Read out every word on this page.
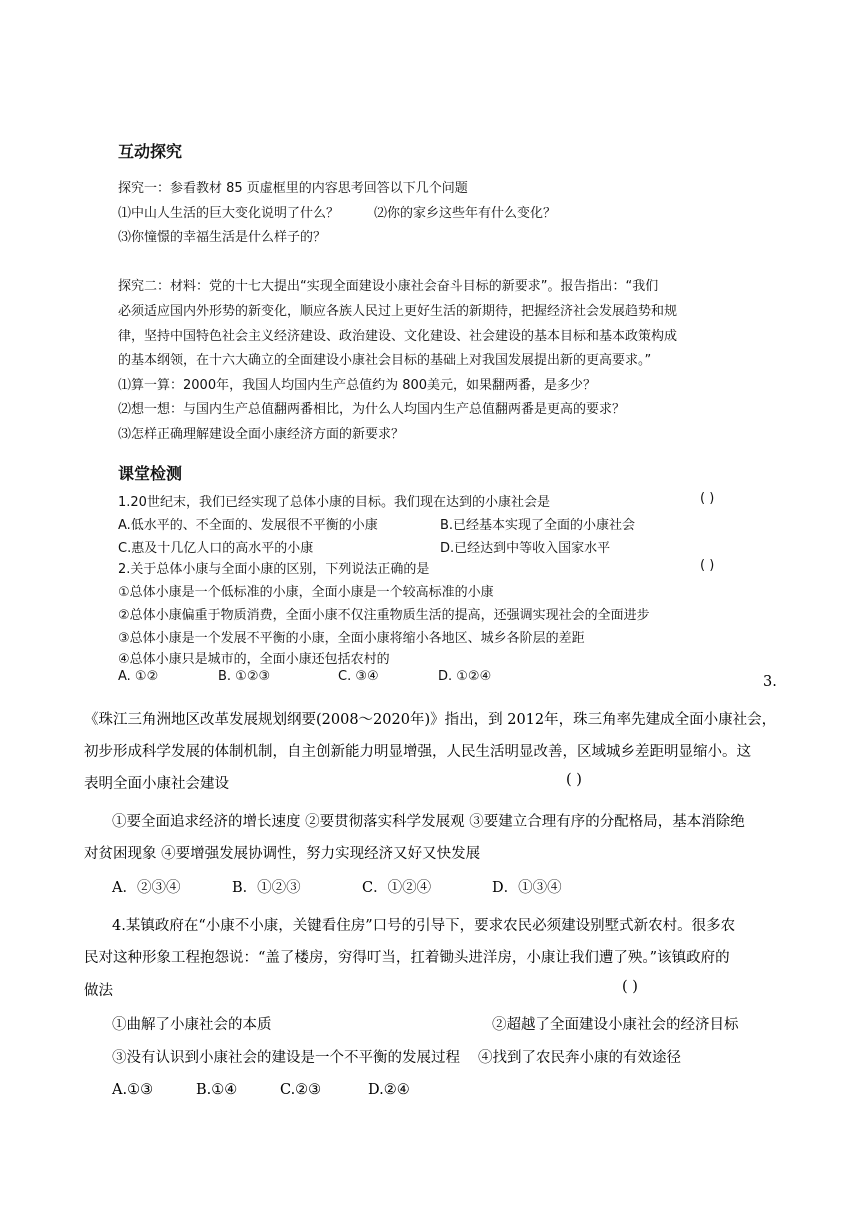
互动探究
探究一：参看教材 85 页虚框里的内容思考回答以下几个问题
⑴中山人生活的巨大变化说明了什么？	⑵你的家乡这些年有什么变化？
⑶你憧憬的幸福生活是什么样子的？
探究二：材料：党的十七大提出“实现全面建设小康社会奋斗目标的新要求”。报告指出：“我们
必须适应国内外形势的新变化，顺应各族人民过上更好生活的新期待，把握经济社会发展趋势和规
律，坚持中国特色社会主义经济建设、政治建设、文化建设、社会建设的基本目标和基本政策构成
的基本纲领，在十六大确立的全面建设小康社会目标的基础上对我国发展提出新的更高要求。”
⑴算一算：2000年，我国人均国内生产总值约为 800美元，如果翻两番，是多少？
⑵想一想：与国内生产总值翻两番相比，为什么人均国内生产总值翻两番是更高的要求？
⑶怎样正确理解建设全面小康经济方面的新要求？
课堂检测
1.20世纪末，我们已经实现了总体小康的目标。我们现在达到的小康社会是	( )
A.低水平的、不全面的、发展很不平衡的小康	B.已经基本实现了全面的小康社会
C.惠及十几亿人口的高水平的小康	D.已经达到中等收入国家水平
2.关于总体小康与全面小康的区别，下列说法正确的是	( )
①总体小康是一个低标准的小康，全面小康是一个较高标准的小康
②总体小康偏重于物质消费，全面小康不仅注重物质生活的提高，还强调实现社会的全面进步
③总体小康是一个发展不平衡的小康，全面小康将缩小各地区、城乡各阶层的差距
④总体小康只是城市的，全面小康还包括农村的
A. ①②	B. ①②③	C. ③④	D. ①②④	3.
《珠江三角洲地区改革发展规划纲要(2008～2020年)》指出，到 2012年，珠三角率先建成全面小康社会，
初步形成科学发展的体制机制，自主创新能力明显增强，人民生活明显改善，区域城乡差距明显缩小。这
表明全面小康社会建设	( )
①要全面追求经济的增长速度 ②要贯彻落实科学发展观 ③要建立合理有序的分配格局，基本消除绝
对贫困现象 ④要增强发展协调性，努力实现经济又好又快发展
A．②③④	B．①②③	C．①②④	D．①③④
4.某镇政府在“小康不小康，关键看住房”口号的引导下，要求农民必须建设别墅式新农村。很多农
民对这种形象工程抱怨说：“盖了楼房，穷得叮当，扛着锄头进洋房，小康让我们遭了殃。”该镇政府的
做法	( )
①曲解了小康社会的本质	②超越了全面建设小康社会的经济目标
③没有认识到小康社会的建设是一个不平衡的发展过程 ④找到了农民奔小康的有效途径
A.①③	B.①④	C.②③	D.②④
